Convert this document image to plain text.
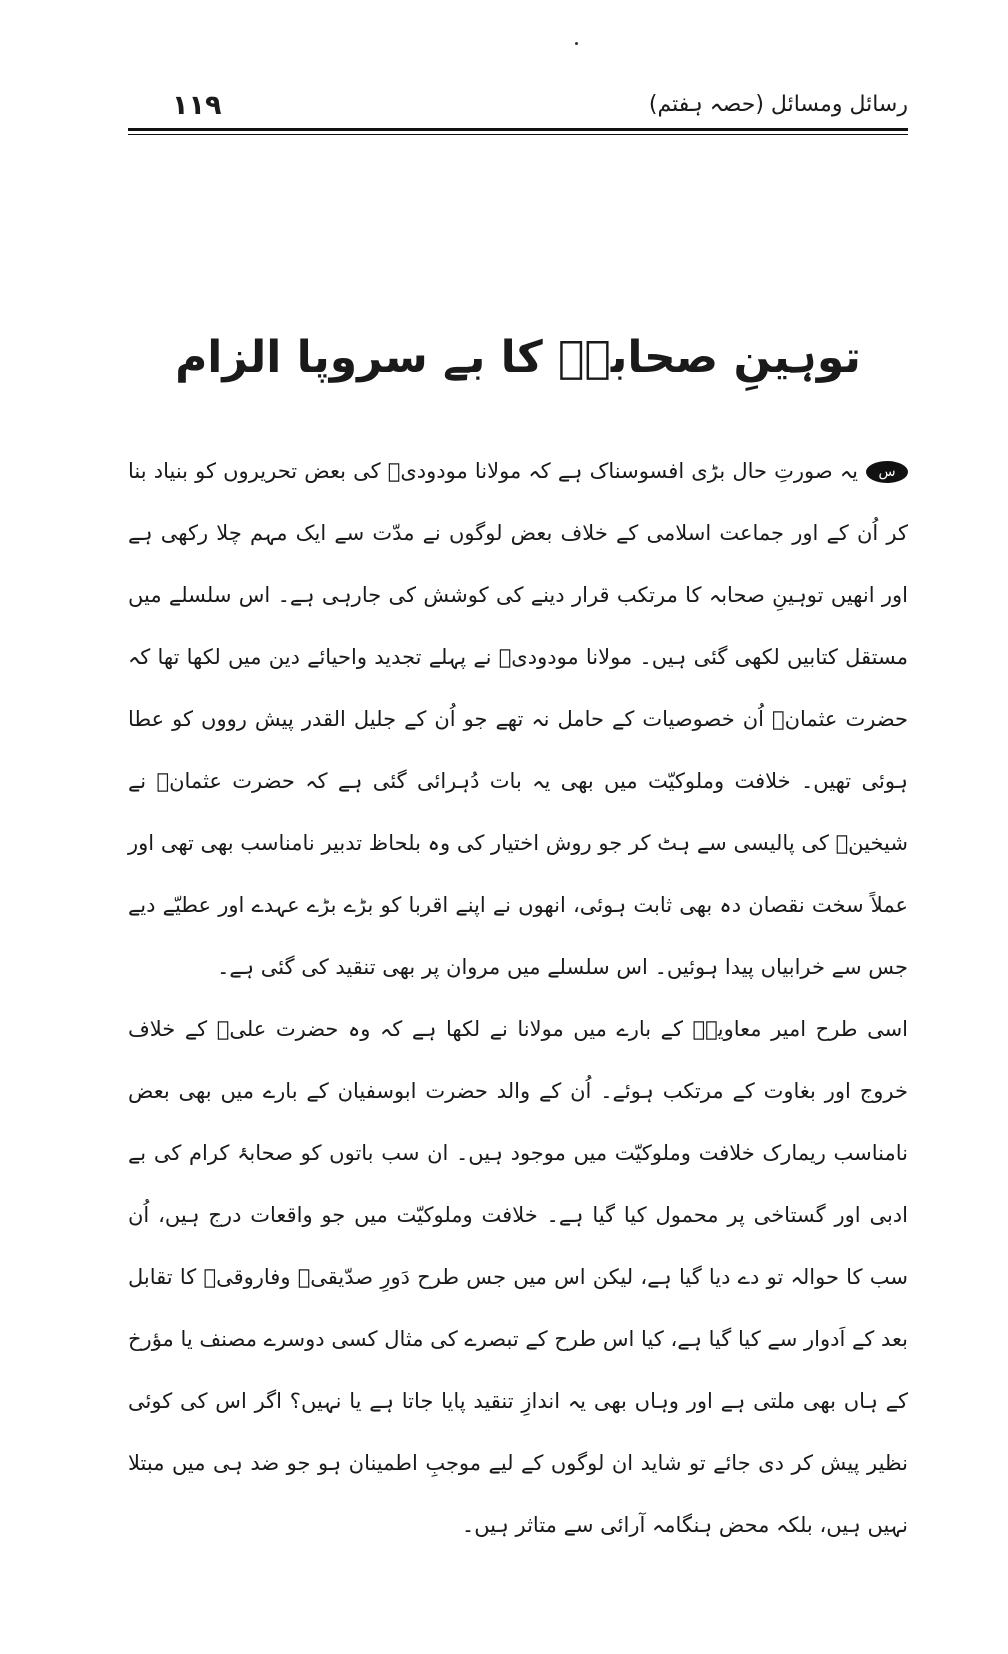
۱۱۹	رسائل ومسائل (حصہ ہفتم)
توہینِ صحابہؓ کا بے سروپا الزام

سیہ صورتِ حال بڑی افسوسناک ہے کہ مولانا مودودیؒ کی بعض تحریروں کو بنیاد بنا کر اُن کے اور جماعت اسلامی کے خلاف بعض لوگوں نے مدّت سے ایک مہم چلا رکھی ہے اور انھیں توہینِ صحابہ کا مرتکب قرار دینے کی کوشش کی جارہی ہے۔ اس سلسلے میں مستقل کتابیں لکھی گئی ہیں۔ مولانا مودودیؒ نے پہلے تجدید واحیائے دین میں لکھا تھا کہ حضرت عثمانؓ اُن خصوصیات کے حامل نہ تھے جو اُن کے جلیل القدر پیش رووں کو عطا ہوئی تھیں۔ خلافت وملوکیّت میں بھی یہ بات دُہرائی گئی ہے کہ حضرت عثمانؓ نے شیخینؓ کی پالیسی سے ہٹ کر جو روش اختیار کی وہ بلحاظ تدبیر نامناسب بھی تھی اور عملاً سخت نقصان دہ بھی ثابت ہوئی، انھوں نے اپنے اقربا کو بڑے بڑے عہدے اور عطیّے دیے جس سے خرابیاں پیدا ہوئیں۔ اس سلسلے میں مروان پر بھی تنقید کی گئی ہے۔

اسی طرح امیر معاویہؓ کے بارے میں مولانا نے لکھا ہے کہ وہ حضرت علیؓ کے خلاف خروج اور بغاوت کے مرتکب ہوئے۔ اُن کے والد حضرت ابوسفیان کے بارے میں بھی بعض نامناسب ریمارک خلافت وملوکیّت میں موجود ہیں۔ ان سب باتوں کو صحابۂ کرام کی بے ادبی اور گستاخی پر محمول کیا گیا ہے۔ خلافت وملوکیّت میں جو واقعات درج ہیں، اُن سب کا حوالہ تو دے دیا گیا ہے، لیکن اس میں جس طرح دَورِ صدّیقیؓ وفاروقیؓ کا تقابل بعد کے اَدوار سے کیا گیا ہے، کیا اس طرح کے تبصرے کی مثال کسی دوسرے مصنف یا مؤرخ کے ہاں بھی ملتی ہے اور وہاں بھی یہ اندازِ تنقید پایا جاتا ہے یا نہیں؟ اگر اس کی کوئی نظیر پیش کر دی جائے تو شاید ان لوگوں کے لیے موجبِ اطمینان ہو جو ضد ہی میں مبتلا نہیں ہیں، بلکہ محض ہنگامہ آرائی سے متاثر ہیں۔
